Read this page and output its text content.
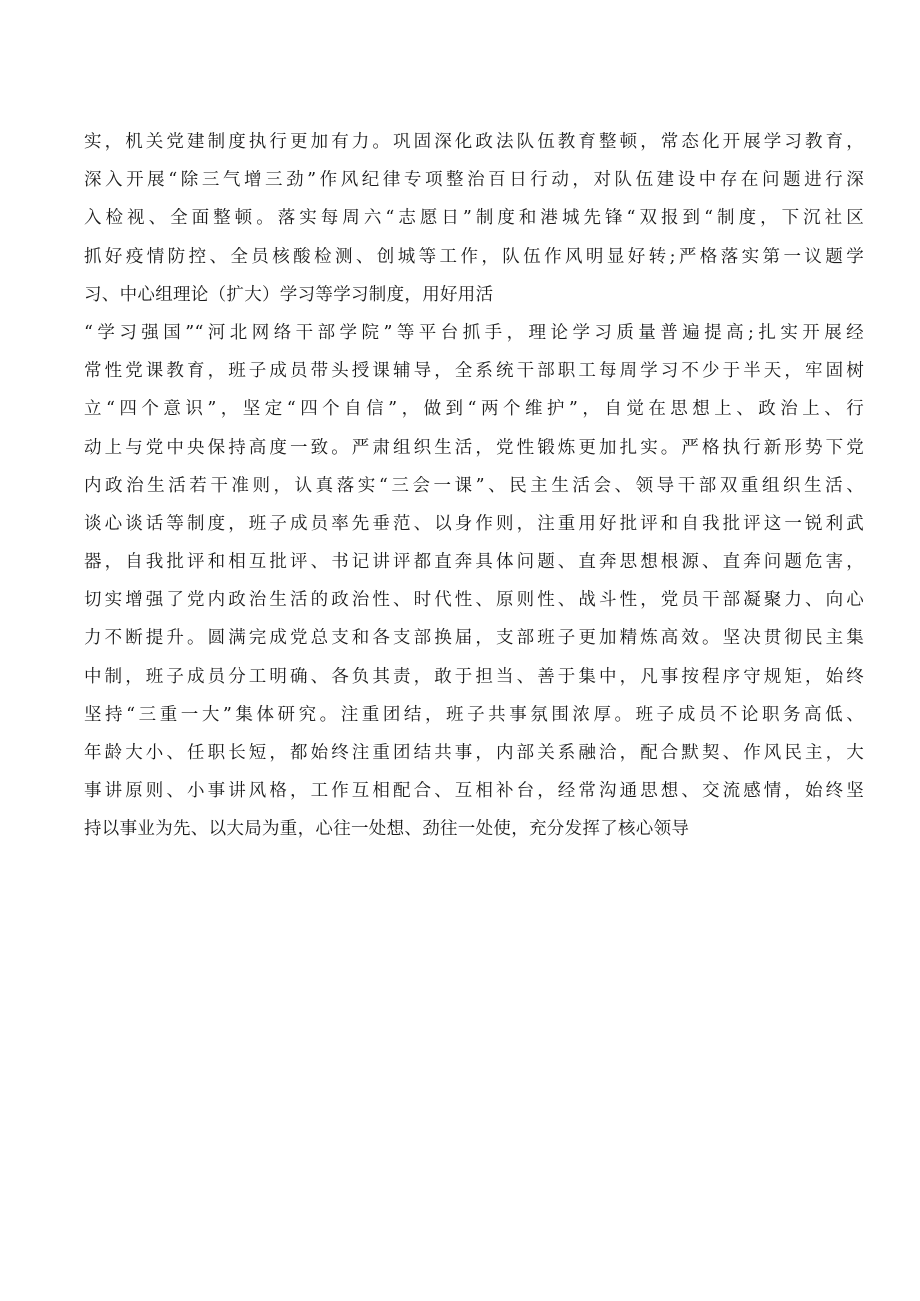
实，机关党建制度执行更加有力。巩固深化政法队伍教育整顿，常态化开展学习教育，
深入开展“除三气增三劲”作风纪律专项整治百日行动，对队伍建设中存在问题进行深
入检视、全面整顿。落实每周六“志愿日”制度和港城先锋“双报到“制度，下沉社区
抓好疫情防控、全员核酸检测、创城等工作，队伍作风明显好转;严格落实第一议题学
习、中心组理论（扩大）学习等学习制度，用好用活
“学习强国”“河北网络干部学院”等平台抓手，理论学习质量普遍提高;扎实开展经
常性党课教育，班子成员带头授课辅导，全系统干部职工每周学习不少于半天，牢固树
立“四个意识”，坚定“四个自信”，做到“两个维护”，自觉在思想上、政治上、行
动上与党中央保持高度一致。严肃组织生活，党性锻炼更加扎实。严格执行新形势下党
内政治生活若干准则，认真落实“三会一课”、民主生活会、领导干部双重组织生活、
谈心谈话等制度，班子成员率先垂范、以身作则，注重用好批评和自我批评这一锐利武
器，自我批评和相互批评、书记讲评都直奔具体问题、直奔思想根源、直奔问题危害，
切实增强了党内政治生活的政治性、时代性、原则性、战斗性，党员干部凝聚力、向心
力不断提升。圆满完成党总支和各支部换届，支部班子更加精炼高效。坚决贯彻民主集
中制，班子成员分工明确、各负其责，敢于担当、善于集中，凡事按程序守规矩，始终
坚持“三重一大”集体研究。注重团结，班子共事氛围浓厚。班子成员不论职务高低、
年龄大小、任职长短，都始终注重团结共事，内部关系融洽，配合默契、作风民主，大
事讲原则、小事讲风格，工作互相配合、互相补台，经常沟通思想、交流感情，始终坚
持以事业为先、以大局为重，心往一处想、劲往一处使，充分发挥了核心领导
